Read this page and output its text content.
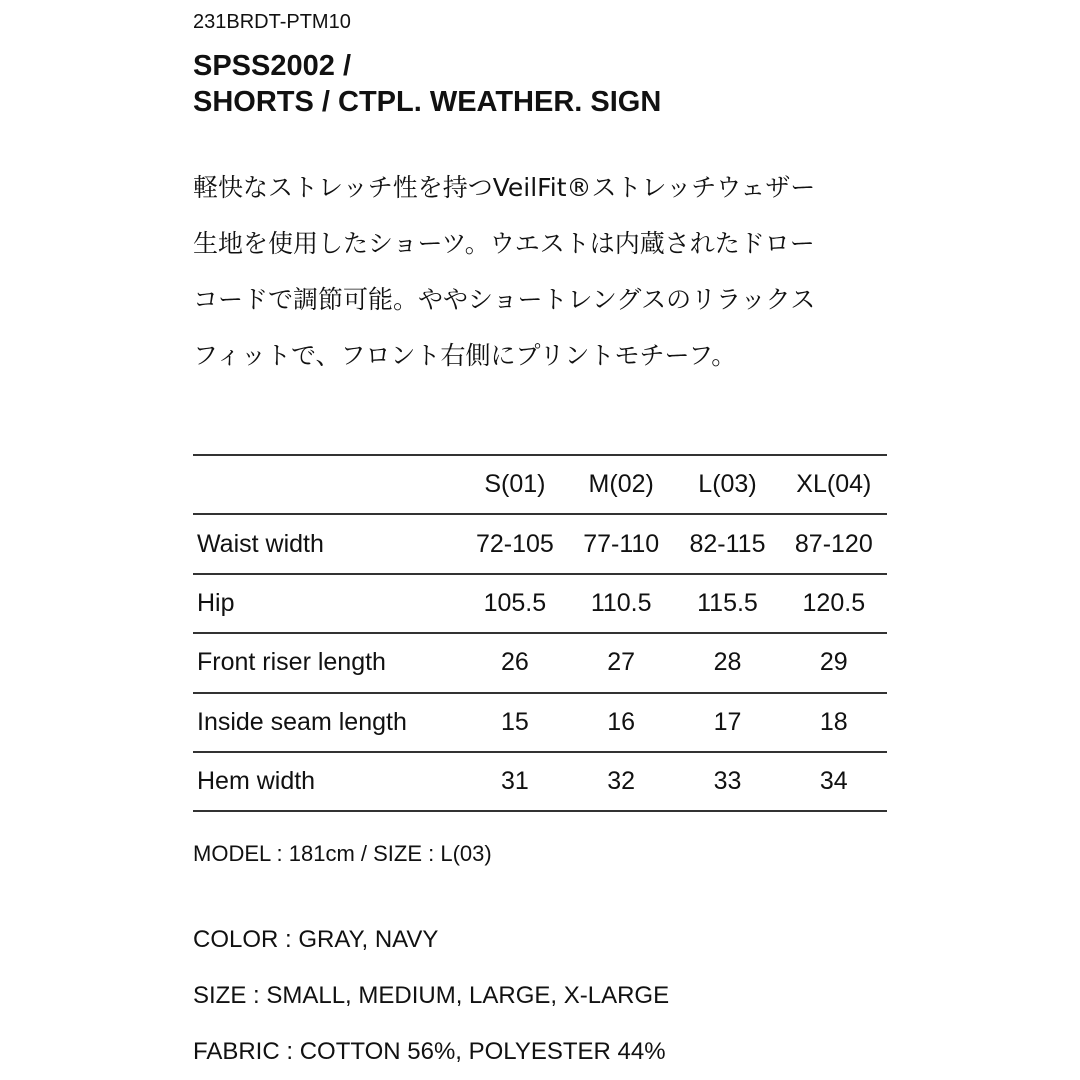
231BRDT-PTM10
SPSS2002 /
SHORTS / CTPL. WEATHER. SIGN
軽快なストレッチ性を持つVeilFit®ストレッチウェザー
生地を使用したショーツ。ウエストは内蔵されたドロー
コードで調節可能。ややショートレングスのリラックス
フィットで、フロント右側にプリントモチーフ。
	S(01)	M(02)	L(03)	XL(04)
Waist width	72-105	77-110	82-115	87-120
Hip	105.5	110.5	115.5	120.5
Front riser length	26	27	28	29
Inside seam length	15	16	17	18
Hem width	31	32	33	34
MODEL : 181cm / SIZE : L(03)
COLOR : GRAY, NAVY
SIZE : SMALL, MEDIUM, LARGE, X-LARGE
FABRIC : COTTON 56%, POLYESTER 44%
